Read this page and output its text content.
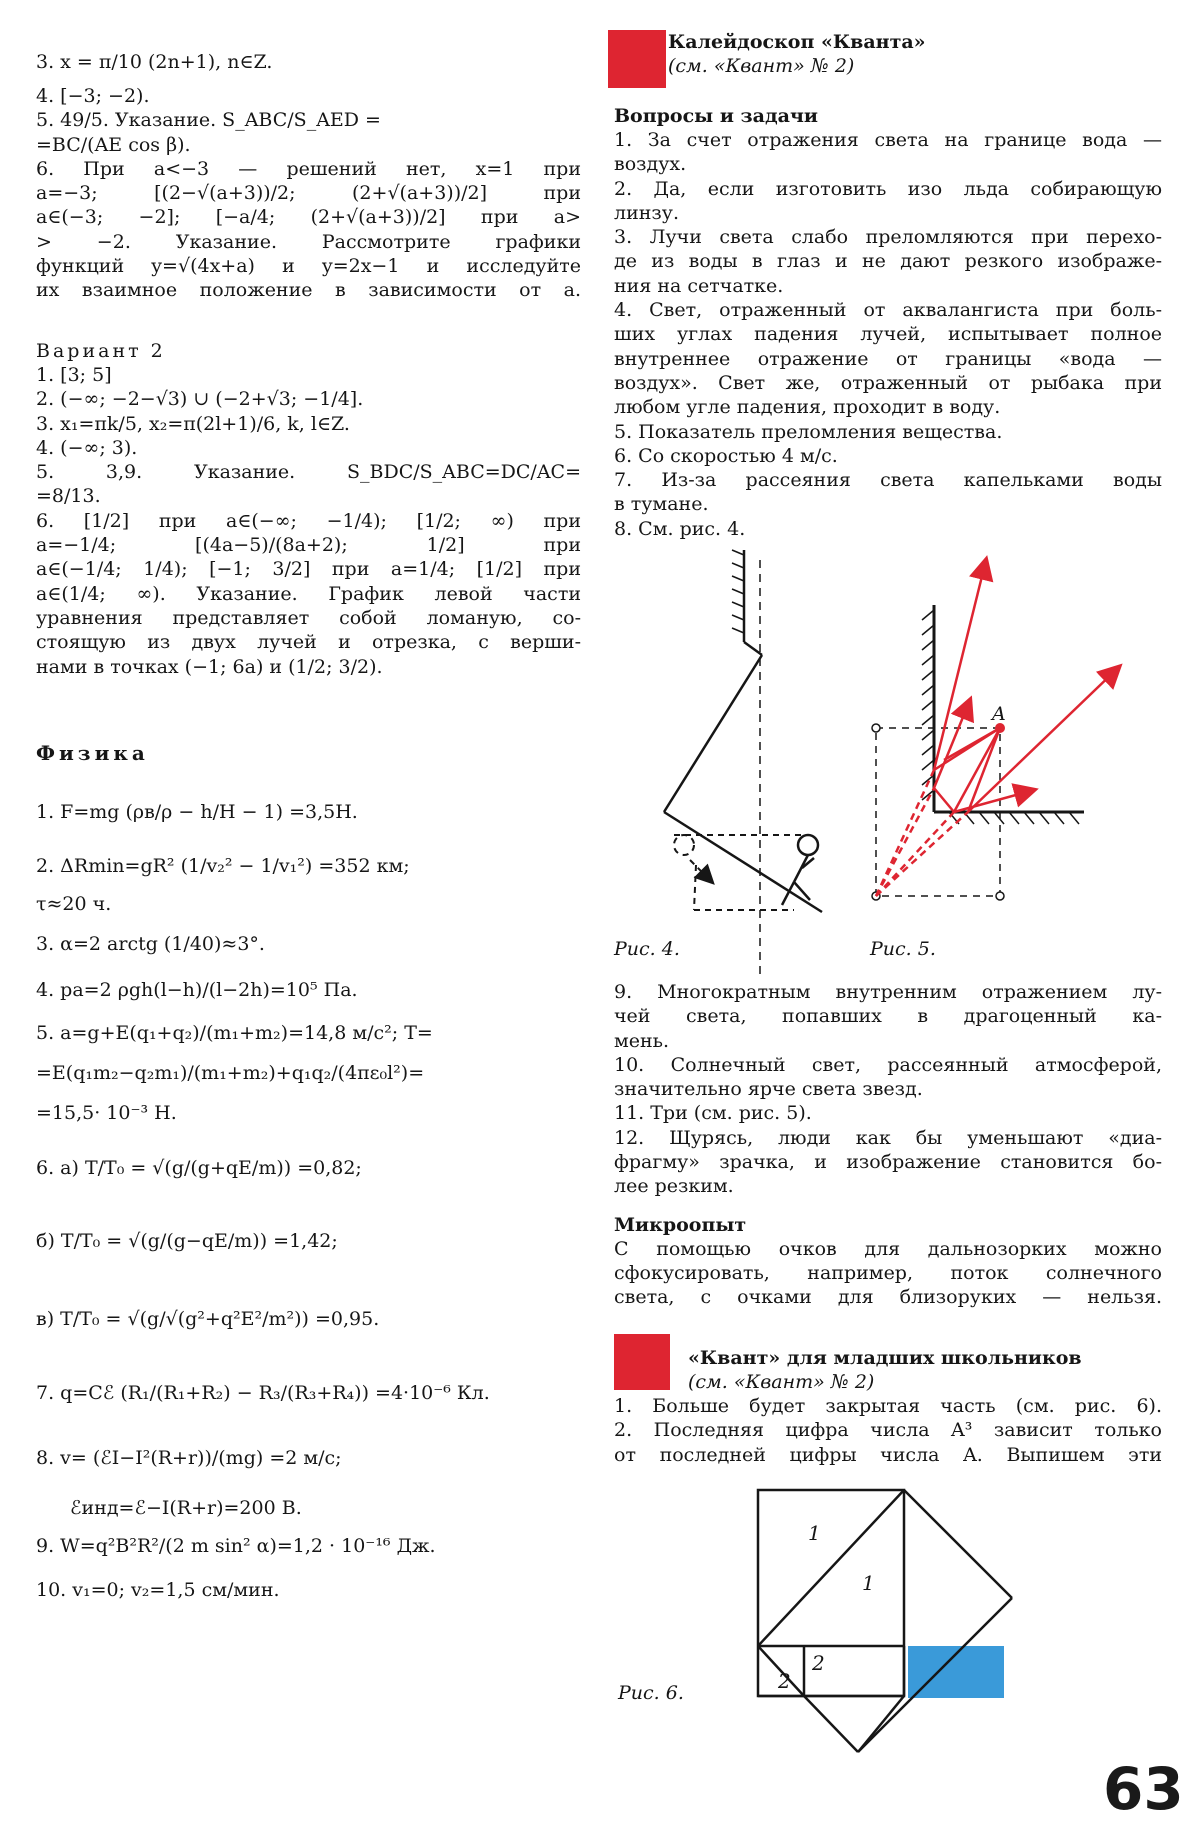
3. x = π/10 (2n+1), n∈Z.
4. [−3; −2).
5. 49/5. Указание. S_ABC/S_AED =
=BC/(AE cos β).
6. При a<−3 — решений нет, x=1 при
a=−3; [(2−√(a+3))/2; (2+√(a+3))/2] при
a∈(−3; −2]; [−a/4; (2+√(a+3))/2] при a>
> −2. Указание. Рассмотрите графики
функций y=√(4x+a) и y=2x−1 и исследуйте
их взаимное положение в зависимости от a.
Вариант 2
1. [3; 5]
2. (−∞; −2−√3) ∪ (−2+√3; −1/4].
3. x₁=πk/5, x₂=π(2l+1)/6, k, l∈Z.
4. (−∞; 3).
5. 3,9. Указание. S_BDC/S_ABC=DC/AC=
=8/13.
6. [1/2] при a∈(−∞; −1/4); [1/2; ∞) при
a=−1/4; [(4a−5)/(8a+2); 1/2] при
a∈(−1/4; 1/4); [−1; 3/2] при a=1/4; [1/2] при
a∈(1/4; ∞). Указание. График левой части
уравнения представляет собой ломаную, со-
стоящую из двух лучей и отрезка, с верши-
нами в точках (−1; 6a) и (1/2; 3/2).
Физика
1. F=mg (ρв/ρ − h/H − 1) =3,5Н.
2. ΔRmin=gR² (1/v₂² − 1/v₁²) =352 км;
τ≈20 ч.
3. α=2 arctg (1/40)≈3°.
4. pa=2 ρgh(l−h)/(l−2h)=10⁵ Па.
5. a=g+E(q₁+q₂)/(m₁+m₂)=14,8 м/с²; T=
=E(q₁m₂−q₂m₁)/(m₁+m₂)+q₁q₂/(4πε₀l²)=
=15,5· 10⁻³ Н.
6. а) T/T₀ = √(g/(g+qE/m)) =0,82;
б) T/T₀ = √(g/(g−qE/m)) =1,42;
в) T/T₀ = √(g/√(g²+q²E²/m²)) =0,95.
7. q=Cℰ (R₁/(R₁+R₂) − R₃/(R₃+R₄)) =4·10⁻⁶ Кл.
8. v= (ℰI−I²(R+r))/(mg) =2 м/с;
ℰинд=ℰ−I(R+r)=200 В.
9. W=q²B²R²/(2 m sin² α)=1,2 · 10⁻¹⁶ Дж.
10. v₁=0; v₂=1,5 см/мин.
Калейдоскоп «Кванта»
(см. «Квант» № 2)
Вопросы и задачи
1. За счет отражения света на границе вода —
воздух.
2. Да, если изготовить изо льда собирающую
линзу.
3. Лучи света слабо преломляются при перехо-
де из воды в глаз и не дают резкого изображе-
ния на сетчатке.
4. Свет, отраженный от аквалангиста при боль-
ших углах падения лучей, испытывает полное
внутреннее отражение от границы «вода —
воздух». Свет же, отраженный от рыбака при
любом угле падения, проходит в воду.
5. Показатель преломления вещества.
6. Со скоростью 4 м/с.
7. Из-за рассеяния света капельками воды
в тумане.
8. См. рис. 4.
A
Рис. 4.	Рис. 5.
9. Многократным внутренним отражением лу-
чей света, попавших в драгоценный ка-
мень.
10. Солнечный свет, рассеянный атмосферой,
значительно ярче света звезд.
11. Три (см. рис. 5).
12. Щурясь, люди как бы уменьшают «диа-
фрагму» зрачка, и изображение становится бо-
лее резким.
Микроопыт
С помощью очков для дальнозорких можно
сфокусировать, например, поток солнечного
света, с очками для близоруких — нельзя.
«Квант» для младших школьников
(см. «Квант» № 2)
1. Больше будет закрытая часть (см. рис. 6).
2. Последняя цифра числа A³ зависит только
от последней цифры числа A. Выпишем эти
1
1
2
2
Рис. 6.
63
